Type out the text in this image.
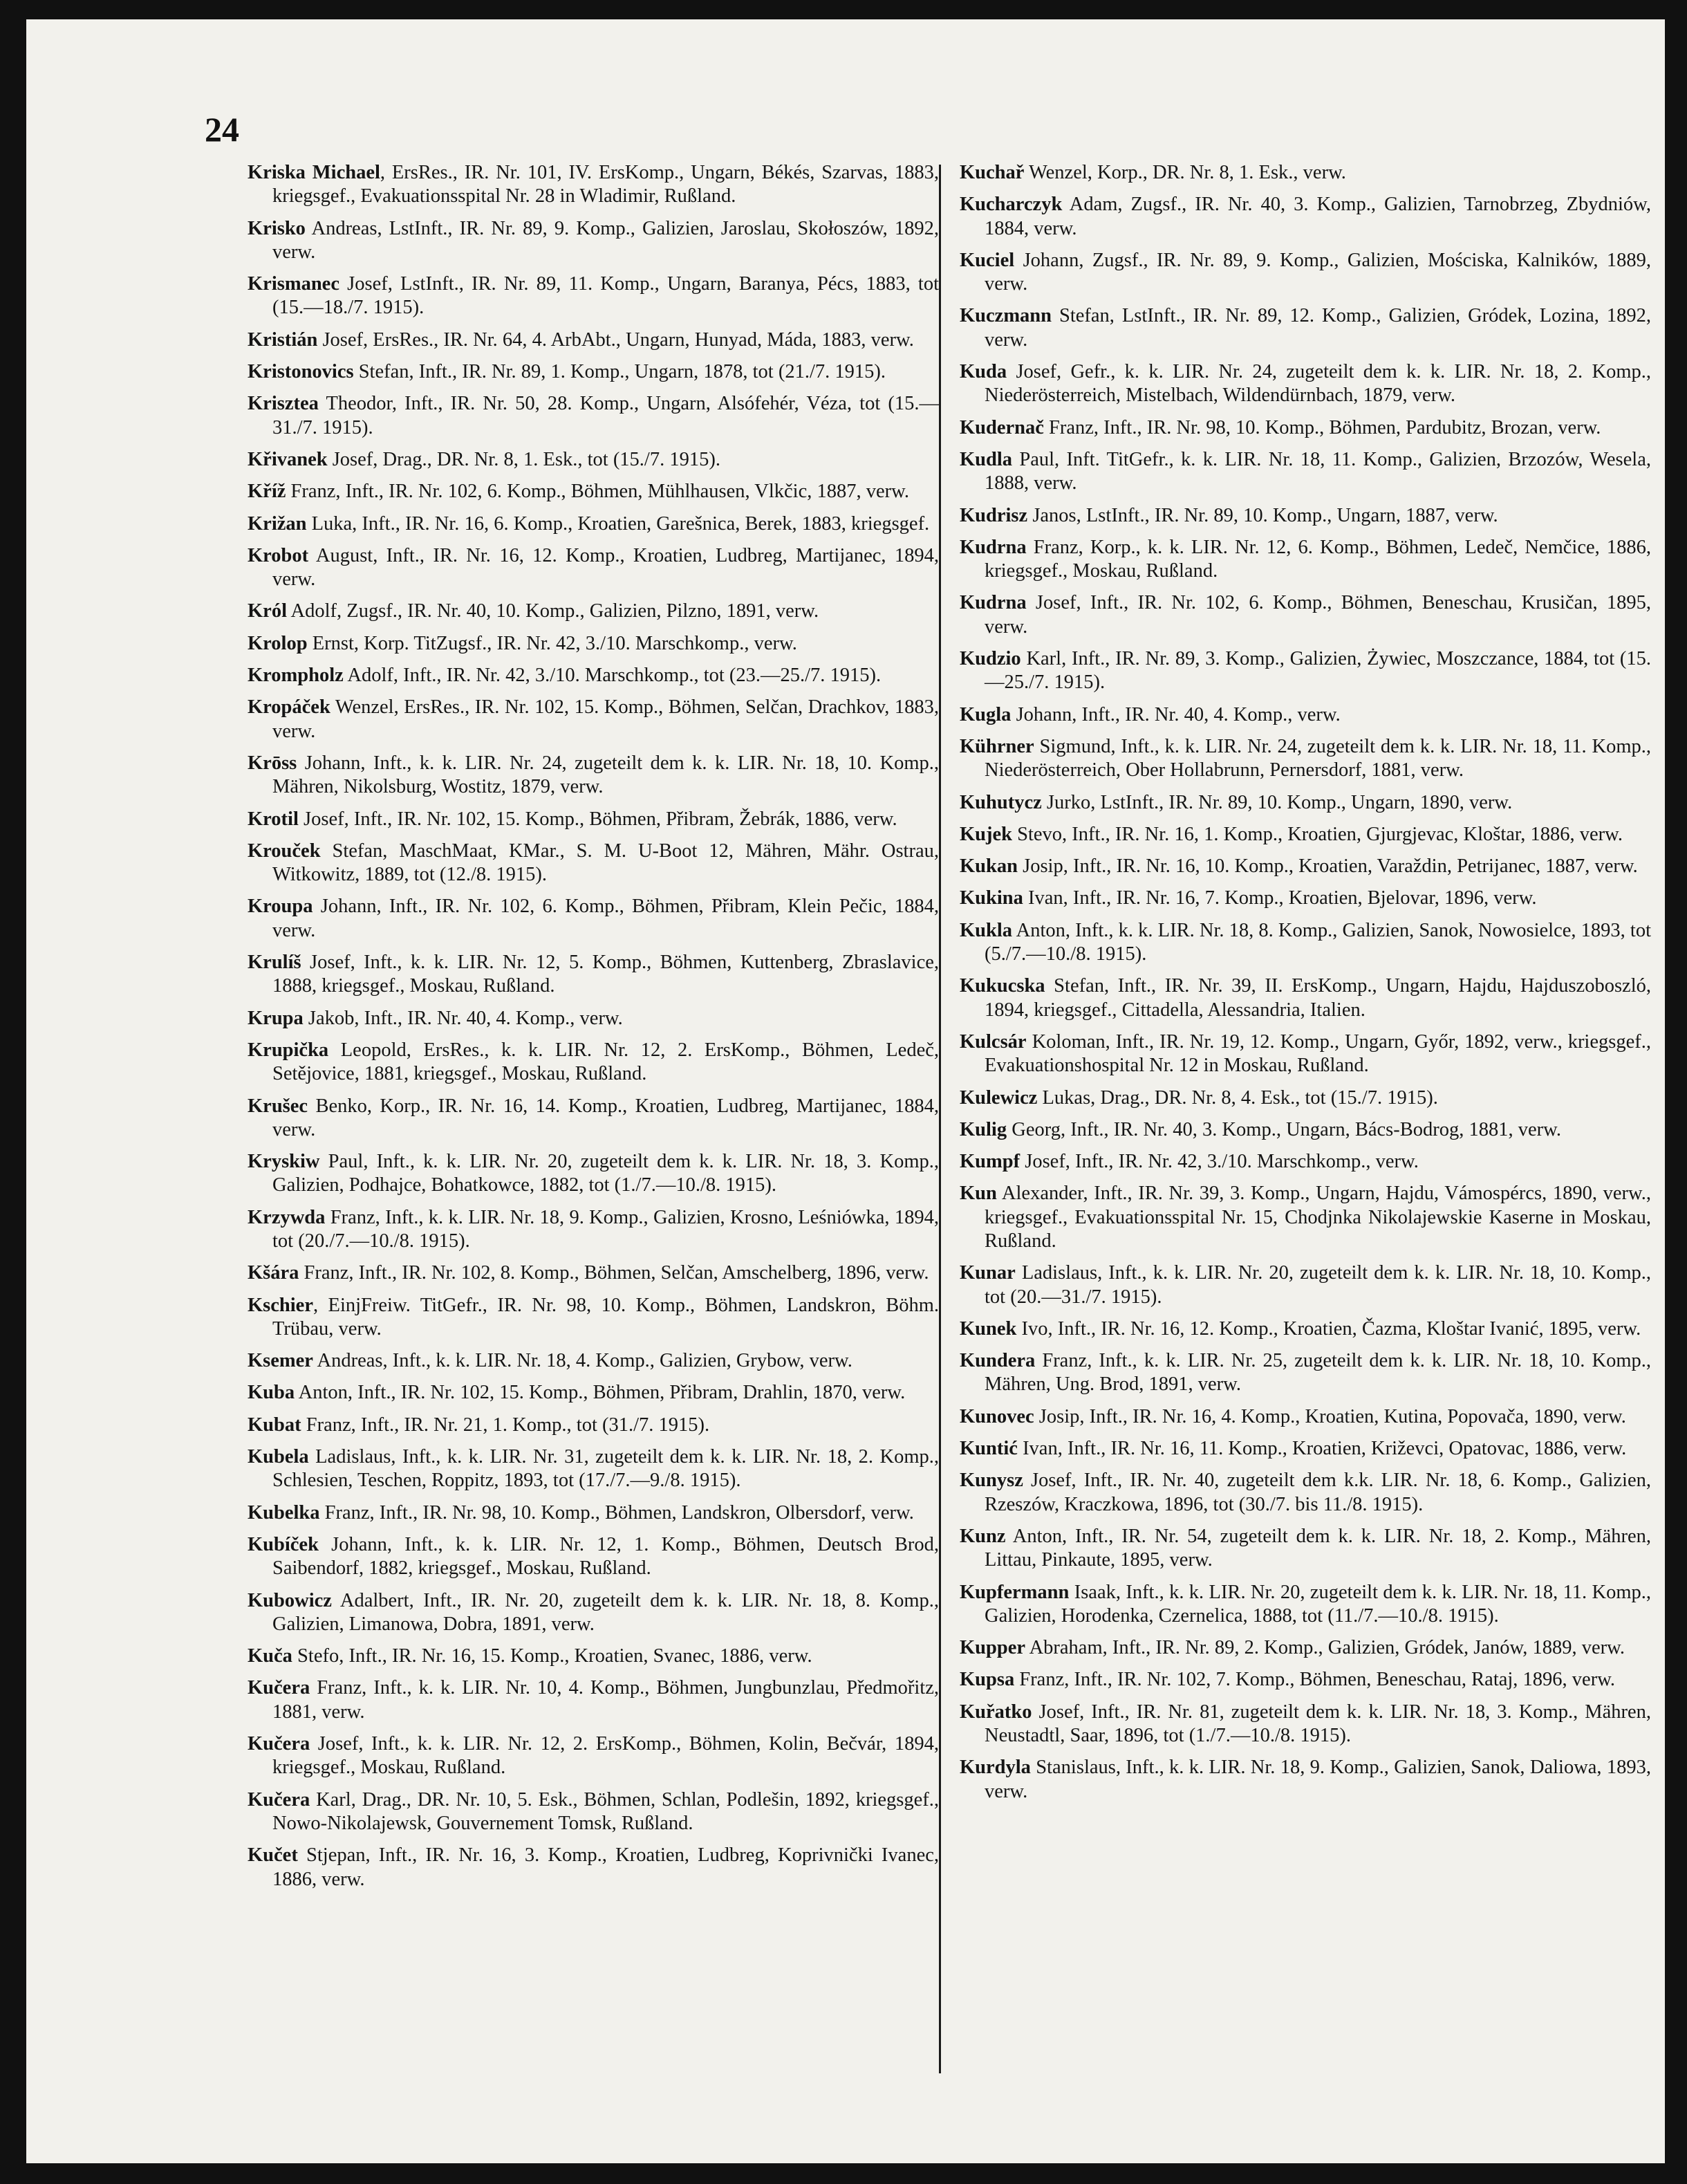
24

Kriska Michael, ErsRes., IR. Nr. 101, IV. ErsKomp., Ungarn, Békés, Szarvas, 1883, kriegsgef., Evakuationsspital Nr. 28 in Wladimir, Rußland.

Krisko Andreas, LstInft., IR. Nr. 89, 9. Komp., Galizien, Jaroslau, Skołoszów, 1892, verw.

Krismanec Josef, LstInft., IR. Nr. 89, 11. Komp., Ungarn, Baranya, Pécs, 1883, tot (15.—18./7. 1915).

Kristián Josef, ErsRes., IR. Nr. 64, 4. ArbAbt., Ungarn, Hunyad, Máda, 1883, verw.

Kristonovics Stefan, Inft., IR. Nr. 89, 1. Komp., Ungarn, 1878, tot (21./7. 1915).

Krisztea Theodor, Inft., IR. Nr. 50, 28. Komp., Ungarn, Alsófehér, Véza, tot (15.—31./7. 1915).

Křivanek Josef, Drag., DR. Nr. 8, 1. Esk., tot (15./7. 1915).

Kříž Franz, Inft., IR. Nr. 102, 6. Komp., Böhmen, Mühlhausen, Vlkčic, 1887, verw.

Križan Luka, Inft., IR. Nr. 16, 6. Komp., Kroatien, Garešnica, Berek, 1883, kriegsgef.

Krobot August, Inft., IR. Nr. 16, 12. Komp., Kroatien, Ludbreg, Martijanec, 1894, verw.

Król Adolf, Zugsf., IR. Nr. 40, 10. Komp., Galizien, Pilzno, 1891, verw.

Krolop Ernst, Korp. TitZugsf., IR. Nr. 42, 3./10. Marschkomp., verw.

Krompholz Adolf, Inft., IR. Nr. 42, 3./10. Marschkomp., tot (23.—25./7. 1915).

Kropáček Wenzel, ErsRes., IR. Nr. 102, 15. Komp., Böhmen, Selčan, Drachkov, 1883, verw.

Krōss Johann, Inft., k. k. LIR. Nr. 24, zugeteilt dem k. k. LIR. Nr. 18, 10. Komp., Mähren, Nikolsburg, Wostitz, 1879, verw.

Krotil Josef, Inft., IR. Nr. 102, 15. Komp., Böhmen, Přibram, Žebrák, 1886, verw.

Krouček Stefan, MaschMaat, KMar., S. M. U-Boot 12, Mähren, Mähr. Ostrau, Witkowitz, 1889, tot (12./8. 1915).

Kroupa Johann, Inft., IR. Nr. 102, 6. Komp., Böhmen, Přibram, Klein Pečic, 1884, verw.

Krulíš Josef, Inft., k. k. LIR. Nr. 12, 5. Komp., Böhmen, Kuttenberg, Zbraslavice, 1888, kriegsgef., Moskau, Rußland.

Krupa Jakob, Inft., IR. Nr. 40, 4. Komp., verw.

Krupička Leopold, ErsRes., k. k. LIR. Nr. 12, 2. ErsKomp., Böhmen, Ledeč, Setějovice, 1881, kriegsgef., Moskau, Rußland.

Krušec Benko, Korp., IR. Nr. 16, 14. Komp., Kroatien, Ludbreg, Martijanec, 1884, verw.

Kryskiw Paul, Inft., k. k. LIR. Nr. 20, zugeteilt dem k. k. LIR. Nr. 18, 3. Komp., Galizien, Podhajce, Bohatkowce, 1882, tot (1./7.—10./8. 1915).

Krzywda Franz, Inft., k. k. LIR. Nr. 18, 9. Komp., Galizien, Krosno, Leśniówka, 1894, tot (20./7.—10./8. 1915).

Kšára Franz, Inft., IR. Nr. 102, 8. Komp., Böhmen, Selčan, Amschelberg, 1896, verw.

Kschier, EinjFreiw. TitGefr., IR. Nr. 98, 10. Komp., Böhmen, Landskron, Böhm. Trübau, verw.

Ksemer Andreas, Inft., k. k. LIR. Nr. 18, 4. Komp., Galizien, Grybow, verw.

Kuba Anton, Inft., IR. Nr. 102, 15. Komp., Böhmen, Přibram, Drahlin, 1870, verw.

Kubat Franz, Inft., IR. Nr. 21, 1. Komp., tot (31./7. 1915).

Kubela Ladislaus, Inft., k. k. LIR. Nr. 31, zugeteilt dem k. k. LIR. Nr. 18, 2. Komp., Schlesien, Teschen, Roppitz, 1893, tot (17./7.—9./8. 1915).

Kubelka Franz, Inft., IR. Nr. 98, 10. Komp., Böhmen, Landskron, Olbersdorf, verw.

Kubíček Johann, Inft., k. k. LIR. Nr. 12, 1. Komp., Böhmen, Deutsch Brod, Saibendorf, 1882, kriegsgef., Moskau, Rußland.

Kubowicz Adalbert, Inft., IR. Nr. 20, zugeteilt dem k. k. LIR. Nr. 18, 8. Komp., Galizien, Limanowa, Dobra, 1891, verw.

Kuča Stefo, Inft., IR. Nr. 16, 15. Komp., Kroatien, Svanec, 1886, verw.

Kučera Franz, Inft., k. k. LIR. Nr. 10, 4. Komp., Böhmen, Jungbunzlau, Předmořitz, 1881, verw.

Kučera Josef, Inft., k. k. LIR. Nr. 12, 2. ErsKomp., Böhmen, Kolin, Bečvár, 1894, kriegsgef., Moskau, Rußland.

Kučera Karl, Drag., DR. Nr. 10, 5. Esk., Böhmen, Schlan, Podlešin, 1892, kriegsgef., Nowo-Nikolajewsk, Gouvernement Tomsk, Rußland.

Kučet Stjepan, Inft., IR. Nr. 16, 3. Komp., Kroatien, Ludbreg, Koprivnički Ivanec, 1886, verw.

Kuchař Wenzel, Korp., DR. Nr. 8, 1. Esk., verw.

Kucharczyk Adam, Zugsf., IR. Nr. 40, 3. Komp., Galizien, Tarnobrzeg, Zbydniów, 1884, verw.

Kuciel Johann, Zugsf., IR. Nr. 89, 9. Komp., Galizien, Mościska, Kalników, 1889, verw.

Kuczmann Stefan, LstInft., IR. Nr. 89, 12. Komp., Galizien, Gródek, Lozina, 1892, verw.

Kuda Josef, Gefr., k. k. LIR. Nr. 24, zugeteilt dem k. k. LIR. Nr. 18, 2. Komp., Niederösterreich, Mistelbach, Wildendürnbach, 1879, verw.

Kudernač Franz, Inft., IR. Nr. 98, 10. Komp., Böhmen, Pardubitz, Brozan, verw.

Kudla Paul, Inft. TitGefr., k. k. LIR. Nr. 18, 11. Komp., Galizien, Brzozów, Wesela, 1888, verw.

Kudrisz Janos, LstInft., IR. Nr. 89, 10. Komp., Ungarn, 1887, verw.

Kudrna Franz, Korp., k. k. LIR. Nr. 12, 6. Komp., Böhmen, Ledeč, Nemčice, 1886, kriegsgef., Moskau, Rußland.

Kudrna Josef, Inft., IR. Nr. 102, 6. Komp., Böhmen, Beneschau, Krusičan, 1895, verw.

Kudzio Karl, Inft., IR. Nr. 89, 3. Komp., Galizien, Żywiec, Moszczance, 1884, tot (15.—25./7. 1915).

Kugla Johann, Inft., IR. Nr. 40, 4. Komp., verw.

Kührner Sigmund, Inft., k. k. LIR. Nr. 24, zugeteilt dem k. k. LIR. Nr. 18, 11. Komp., Niederösterreich, Ober Hollabrunn, Pernersdorf, 1881, verw.

Kuhutycz Jurko, LstInft., IR. Nr. 89, 10. Komp., Ungarn, 1890, verw.

Kujek Stevo, Inft., IR. Nr. 16, 1. Komp., Kroatien, Gjurgjevac, Kloštar, 1886, verw.

Kukan Josip, Inft., IR. Nr. 16, 10. Komp., Kroatien, Varaždin, Petrijanec, 1887, verw.

Kukina Ivan, Inft., IR. Nr. 16, 7. Komp., Kroatien, Bjelovar, 1896, verw.

Kukla Anton, Inft., k. k. LIR. Nr. 18, 8. Komp., Galizien, Sanok, Nowosielce, 1893, tot (5./7.—10./8. 1915).

Kukucska Stefan, Inft., IR. Nr. 39, II. ErsKomp., Ungarn, Hajdu, Hajduszoboszló, 1894, kriegsgef., Cittadella, Alessandria, Italien.

Kulcsár Koloman, Inft., IR. Nr. 19, 12. Komp., Ungarn, Győr, 1892, verw., kriegsgef., Evakuationshospital Nr. 12 in Moskau, Rußland.

Kulewicz Lukas, Drag., DR. Nr. 8, 4. Esk., tot (15./7. 1915).

Kulig Georg, Inft., IR. Nr. 40, 3. Komp., Ungarn, Bács-Bodrog, 1881, verw.

Kumpf Josef, Inft., IR. Nr. 42, 3./10. Marschkomp., verw.

Kun Alexander, Inft., IR. Nr. 39, 3. Komp., Ungarn, Hajdu, Vámospércs, 1890, verw., kriegsgef., Evakuationsspital Nr. 15, Chodjnka Nikolajewskie Kaserne in Moskau, Rußland.

Kunar Ladislaus, Inft., k. k. LIR. Nr. 20, zugeteilt dem k. k. LIR. Nr. 18, 10. Komp., tot (20.—31./7. 1915).

Kunek Ivo, Inft., IR. Nr. 16, 12. Komp., Kroatien, Čazma, Kloštar Ivanić, 1895, verw.

Kundera Franz, Inft., k. k. LIR. Nr. 25, zugeteilt dem k. k. LIR. Nr. 18, 10. Komp., Mähren, Ung. Brod, 1891, verw.

Kunovec Josip, Inft., IR. Nr. 16, 4. Komp., Kroatien, Kutina, Popovača, 1890, verw.

Kuntić Ivan, Inft., IR. Nr. 16, 11. Komp., Kroatien, Križevci, Opatovac, 1886, verw.

Kunysz Josef, Inft., IR. Nr. 40, zugeteilt dem k.k. LIR. Nr. 18, 6. Komp., Galizien, Rzeszów, Kraczkowa, 1896, tot (30./7. bis 11./8. 1915).

Kunz Anton, Inft., IR. Nr. 54, zugeteilt dem k. k. LIR. Nr. 18, 2. Komp., Mähren, Littau, Pinkaute, 1895, verw.

Kupfermann Isaak, Inft., k. k. LIR. Nr. 20, zugeteilt dem k. k. LIR. Nr. 18, 11. Komp., Galizien, Horodenka, Czernelica, 1888, tot (11./7.—10./8. 1915).

Kupper Abraham, Inft., IR. Nr. 89, 2. Komp., Galizien, Gródek, Janów, 1889, verw.

Kupsa Franz, Inft., IR. Nr. 102, 7. Komp., Böhmen, Beneschau, Rataj, 1896, verw.

Kuřatko Josef, Inft., IR. Nr. 81, zugeteilt dem k. k. LIR. Nr. 18, 3. Komp., Mähren, Neustadtl, Saar, 1896, tot (1./7.—10./8. 1915).

Kurdyla Stanislaus, Inft., k. k. LIR. Nr. 18, 9. Komp., Galizien, Sanok, Daliowa, 1893, verw.
